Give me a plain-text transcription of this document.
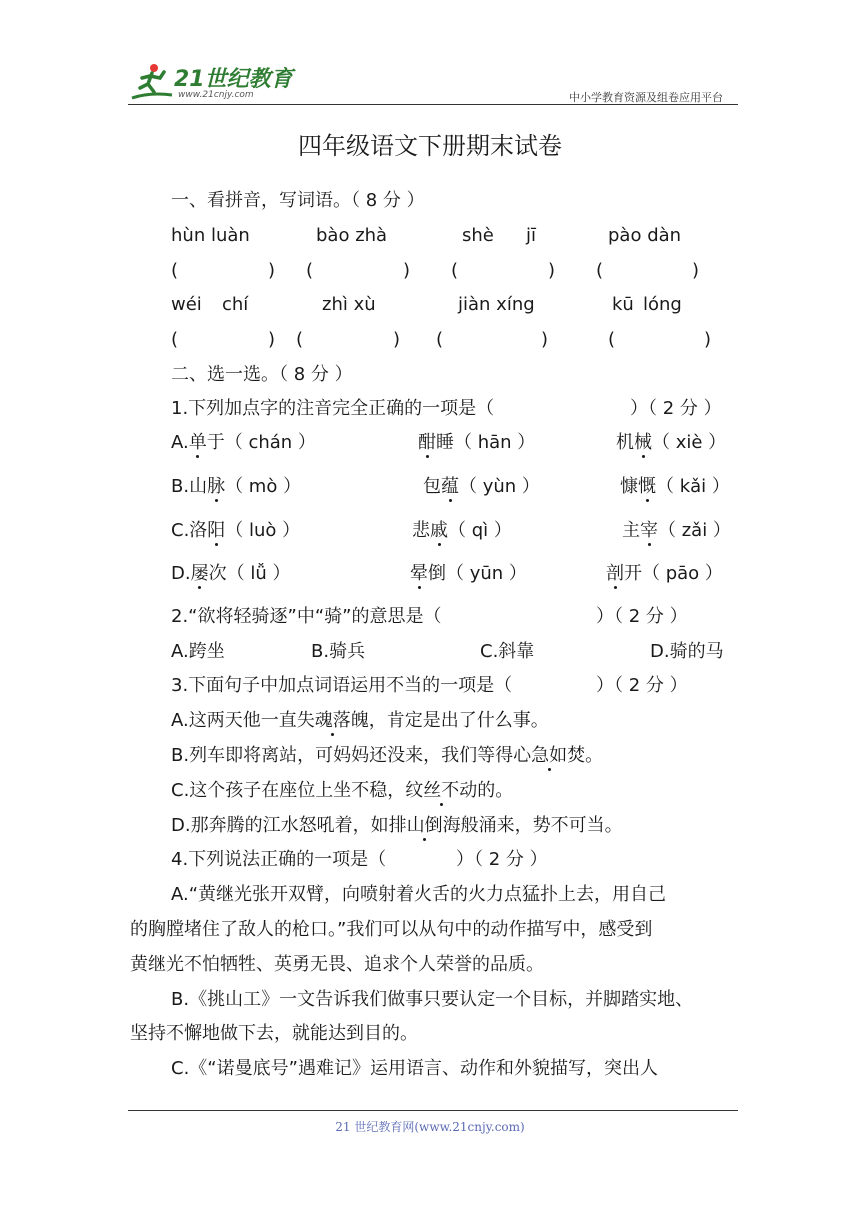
21世纪教育
www.21cnjy.com	中小学教育资源及组卷应用平台
四年级语文下册期末试卷
一、看拼音，写词语。（ 8 分 ）
hùn luàn	bào zhà	shè jī	pào dàn
(	) (	) (	) (	)
wéi chí	zhì xù	jiàn xíng	kū lóng
(	) (	) (	)	(	)
二、选一选。（ 8 分 ）
1.下列加点字的注音完全正确的一项是（	）（ 2 分 ）
A.单于（ chán ）	酣睡（ hān ）	机械（ xiè ）
B.山脉（ mò ）	包蕴（ yùn ）	慷慨（ kǎi ）
C.洛阳（ luò ）	悲戚（ qì ）	主宰（ zǎi ）
D.屡次（ lǚ ）	晕倒（ yūn ）	剖开（ pāo ）
2.“欲将轻骑逐”中“骑”的意思是（	）（ 2 分 ）
A.跨坐	B.骑兵	C.斜靠	D.骑的马
3.下面句子中加点词语运用不当的一项是（	）（ 2 分 ）
A.这两天他一直失魂落魄，肯定是出了什么事。
B.列车即将离站，可妈妈还没来，我们等得心急如焚。
C.这个孩子在座位上坐不稳，纹丝不动的。
D.那奔腾的江水怒吼着，如排山倒海般涌来，势不可当。
4.下列说法正确的一项是（	）（ 2 分 ）
A.“黄继光张开双臂，向喷射着火舌的火力点猛扑上去，用自己
的胸膛堵住了敌人的枪口。”我们可以从句中的动作描写中，感受到
黄继光不怕牺牲、英勇无畏、追求个人荣誉的品质。
B.《挑山工》一文告诉我们做事只要认定一个目标，并脚踏实地、
坚持不懈地做下去，就能达到目的。
C.《“诺曼底号”遇难记》运用语言、动作和外貌描写，突出人
21 世纪教育网(www.21cnjy.com)
